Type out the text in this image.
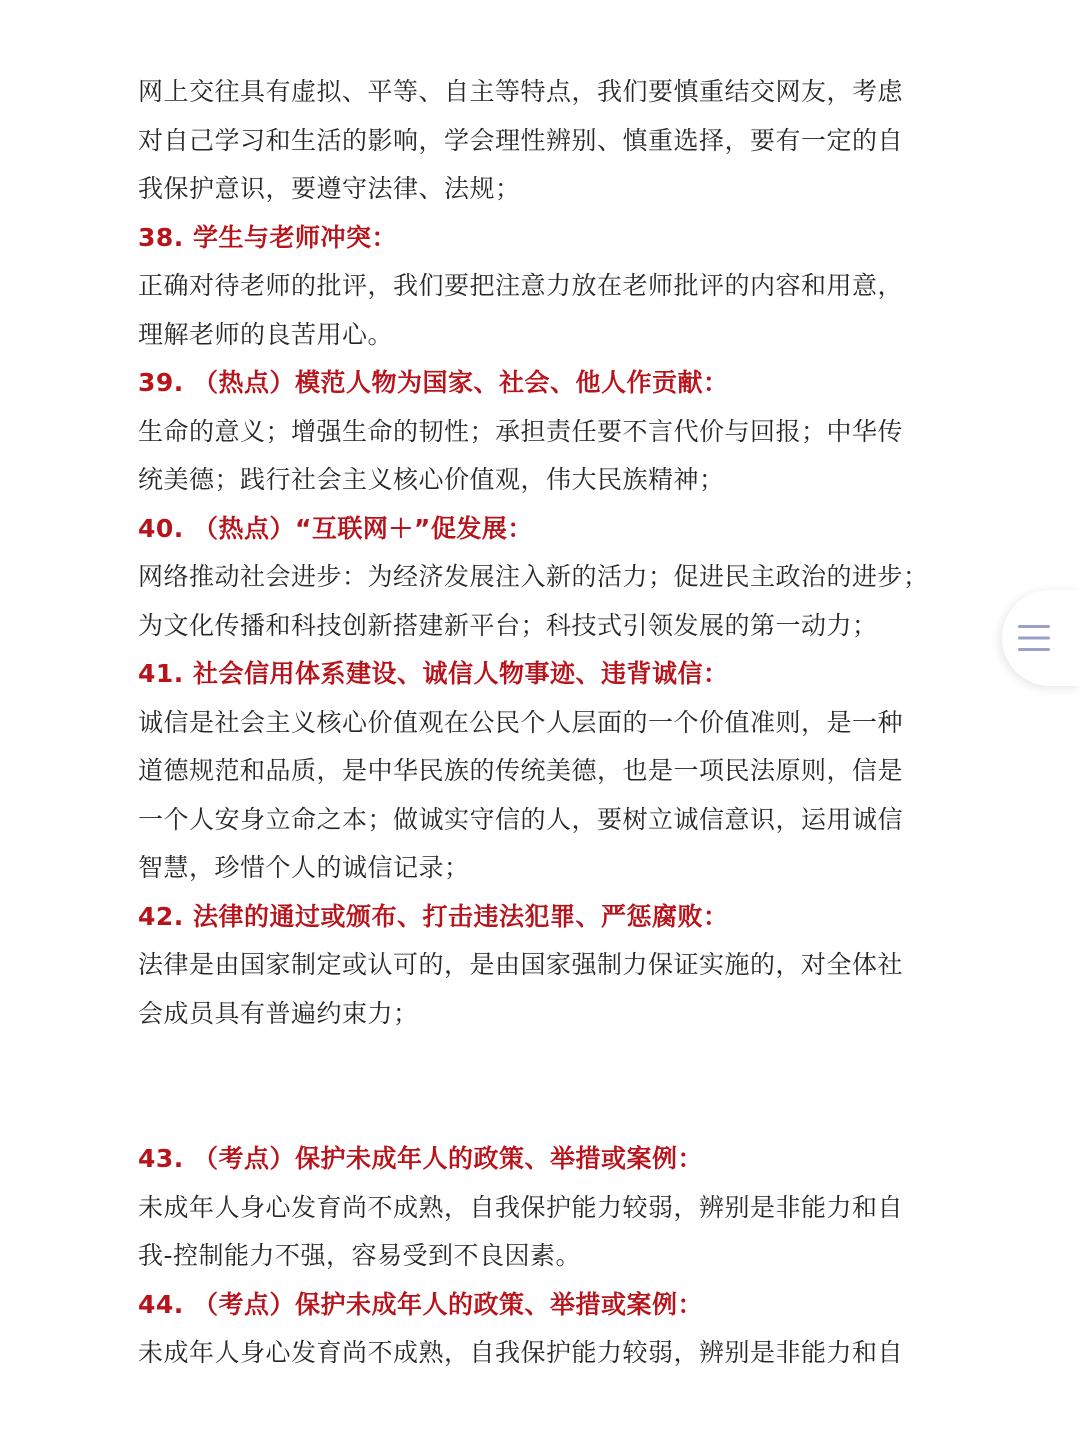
网上交往具有虚拟、平等、自主等特点，我们要慎重结交网友，考虑
对自己学习和生活的影响，学会理性辨别、慎重选择，要有一定的自
我保护意识，要遵守法律、法规；
38. 学生与老师冲突：
正确对待老师的批评，我们要把注意力放在老师批评的内容和用意，
理解老师的良苦用心。
39. （热点）模范人物为国家、社会、他人作贡献：
生命的意义；增强生命的韧性；承担责任要不言代价与回报；中华传
统美德；践行社会主义核心价值观，伟大民族精神；
40. （热点）“互联网＋”促发展：
网络推动社会进步：为经济发展注入新的活力；促进民主政治的进步；
为文化传播和科技创新搭建新平台；科技式引领发展的第一动力；
41. 社会信用体系建设、诚信人物事迹、违背诚信：
诚信是社会主义核心价值观在公民个人层面的一个价值准则，是一种
道德规范和品质，是中华民族的传统美德，也是一项民法原则，信是
一个人安身立命之本；做诚实守信的人，要树立诚信意识，运用诚信
智慧，珍惜个人的诚信记录；
42. 法律的通过或颁布、打击违法犯罪、严惩腐败：
法律是由国家制定或认可的，是由国家强制力保证实施的，对全体社
会成员具有普遍约束力；
43. （考点）保护未成年人的政策、举措或案例：
未成年人身心发育尚不成熟，自我保护能力较弱，辨别是非能力和自
我-控制能力不强，容易受到不良因素。
44. （考点）保护未成年人的政策、举措或案例：
未成年人身心发育尚不成熟，自我保护能力较弱，辨别是非能力和自
